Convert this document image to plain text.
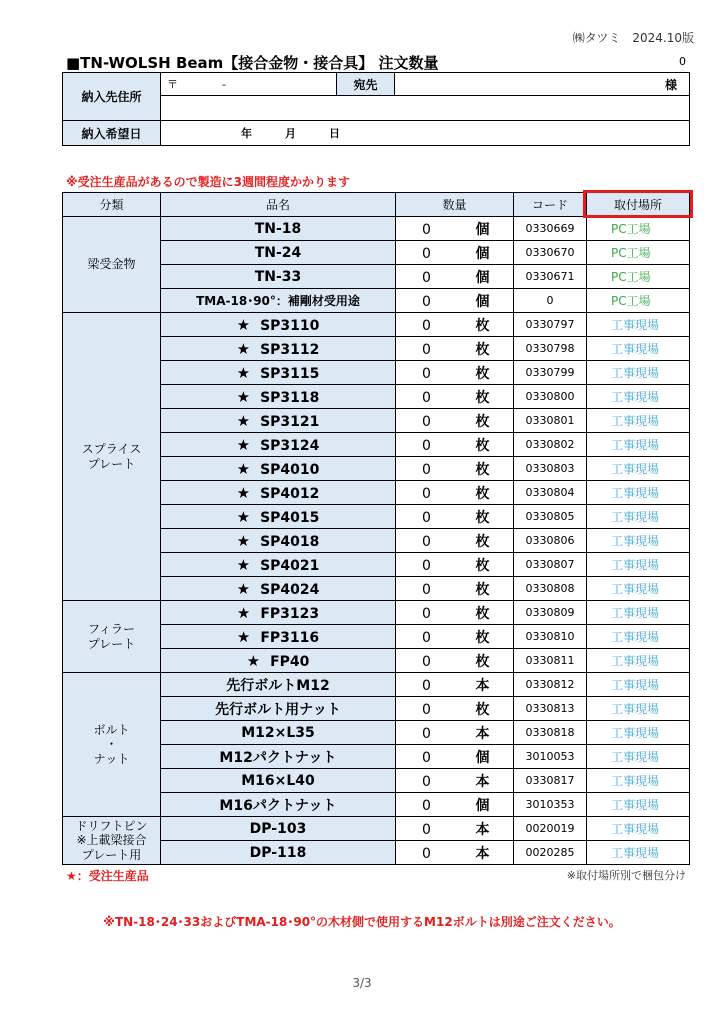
㈱タツミ　2024.10版
■TN-WOLSH Beam【接合金物・接合具】 注文数量	0
納入先住所	〒　　　　-	宛先	様

納入希望日	年　　　月　　　日		
※受注生産品があるので製造に3週間程度かかります
分類	品名	数量	コード	取付場所
梁受金物	TN-18	0 個	0330669	PC工場
	TN-24	0 個	0330670	PC工場
	TN-33	0 個	0330671	PC工場
	TMA-18･90°：補剛材受用途	0 個	0	PC工場
スプライス
プレート	★ SP3110	0 枚	0330797	工事現場
	★ SP3112	0 枚	0330798	工事現場
	★ SP3115	0 枚	0330799	工事現場
	★ SP3118	0 枚	0330800	工事現場
	★ SP3121	0 枚	0330801	工事現場
	★ SP3124	0 枚	0330802	工事現場
	★ SP4010	0 枚	0330803	工事現場
	★ SP4012	0 枚	0330804	工事現場
	★ SP4015	0 枚	0330805	工事現場
	★ SP4018	0 枚	0330806	工事現場
	★ SP4021	0 枚	0330807	工事現場
	★ SP4024	0 枚	0330808	工事現場
フィラー
プレート	★ FP3123	0 枚	0330809	工事現場
	★ FP3116	0 枚	0330810	工事現場
	★ FP40	0 枚	0330811	工事現場
ボルト
・
ナット	先行ボルトM12	0 本	0330812	工事現場
	先行ボルト用ナット	0 枚	0330813	工事現場
	M12×L35	0 本	0330818	工事現場
	M12パクトナット	0 個	3010053	工事現場
	M16×L40	0 本	0330817	工事現場
	M16パクトナット	0 個	3010353	工事現場
ドリフトピン
※上載梁接合
プレート用	DP-103	0 本	0020019	工事現場
	DP-118	0 本	0020285	工事現場
★：受注生産品	※取付場所別で梱包分け
※TN-18･24･33およびTMA-18･90°の木材側で使用するM12ボルトは別途ご注文ください。
3/3
